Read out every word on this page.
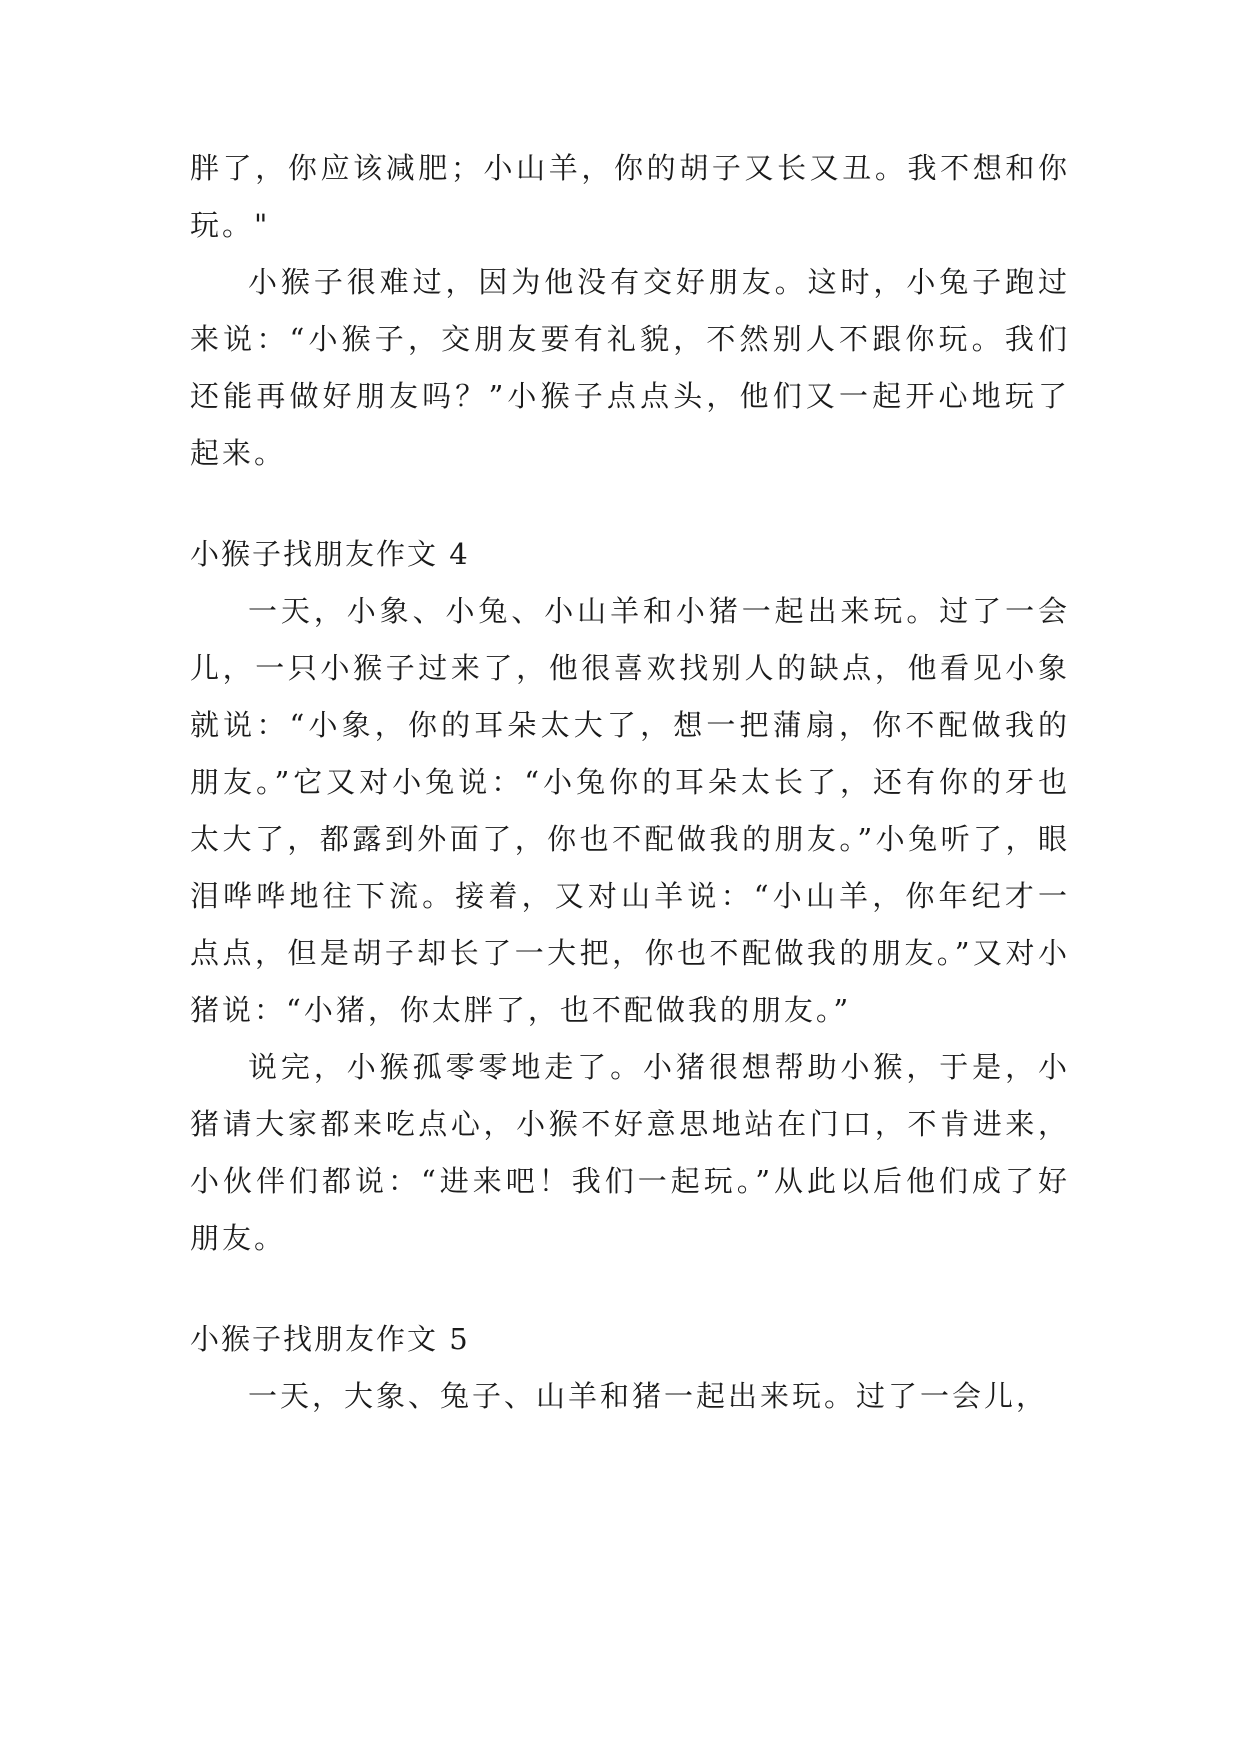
胖了，你应该减肥；小山羊，你的胡子又长又丑。我不想和你玩。"

小猴子很难过，因为他没有交好朋友。这时，小兔子跑过来说：“小猴子，交朋友要有礼貌，不然别人不跟你玩。我们还能再做好朋友吗？”小猴子点点头，他们又一起开心地玩了起来。

小猴子找朋友作文 4

一天，小象、小兔、小山羊和小猪一起出来玩。过了一会儿，一只小猴子过来了，他很喜欢找别人的缺点，他看见小象就说：“小象，你的耳朵太大了，想一把蒲扇，你不配做我的朋友。”它又对小兔说：“小兔你的耳朵太长了，还有你的牙也太大了，都露到外面了，你也不配做我的朋友。”小兔听了，眼泪哗哗地往下流。接着，又对山羊说：“小山羊，你年纪才一点点，但是胡子却长了一大把，你也不配做我的朋友。”又对小猪说：“小猪，你太胖了，也不配做我的朋友。”

说完，小猴孤零零地走了。小猪很想帮助小猴，于是，小猪请大家都来吃点心，小猴不好意思地站在门口，不肯进来，小伙伴们都说：“进来吧！我们一起玩。”从此以后他们成了好朋友。

小猴子找朋友作文 5

一天，大象、兔子、山羊和猪一起出来玩。过了一会儿，
